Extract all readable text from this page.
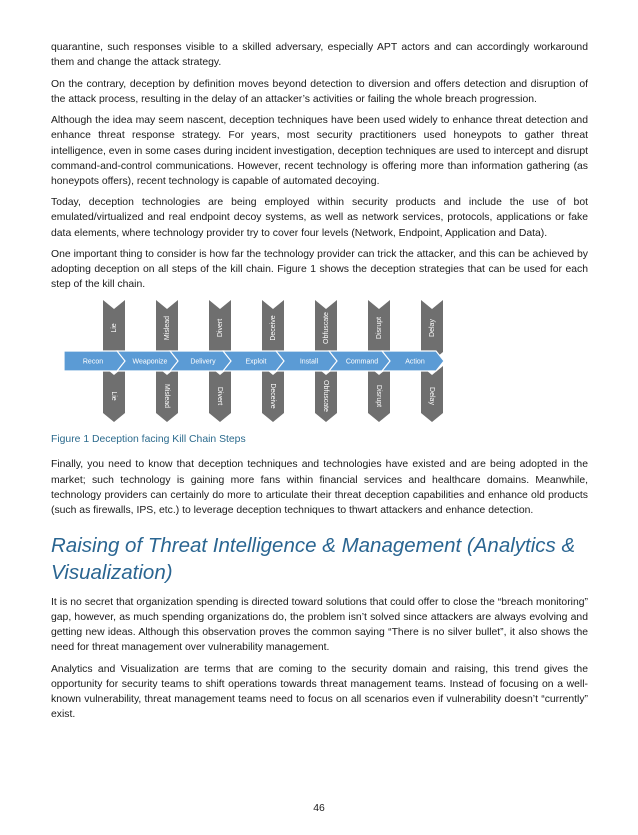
quarantine, such responses visible to a skilled adversary, especially APT actors and can accordingly workaround them and change the attack strategy.

On the contrary, deception by definition moves beyond detection to diversion and offers detection and disruption of the attack process, resulting in the delay of an attacker’s activities or failing the whole breach progression.

Although the idea may seem nascent, deception techniques have been used widely to enhance threat detection and enhance threat response strategy. For years, most security practitioners used honeypots to gather threat intelligence, even in some cases during incident investigation, deception techniques are used to intercept and disrupt command-and-control communications. However, recent technology is offering more than information gathering (as honeypots offers), recent technology is capable of automated decoying.

Today, deception technologies are being employed within security products and include the use of bot emulated/virtualized and real endpoint decoy systems, as well as network services, protocols, applications or fake data elements, where technology provider try to cover four levels (Network, Endpoint, Application and Data).

One important thing to consider is how far the technology provider can trick the attacker, and this can be achieved by adopting deception on all steps of the kill chain. Figure 1 shows the deception strategies that can be used for each step of the kill chain.

Lie	Mislead	Divert	Deceive	Obfuscate	Disrupt	Delay
Lie	Mislead	Divert	Deceive	Obfuscate	Disrupt	Delay
Recon	Weaponize	Delivery	Exploit	Install	Command	Action
Figure 1 Deception facing Kill Chain Steps

Finally, you need to know that deception techniques and technologies have existed and are being adopted in the market; such technology is gaining more fans within financial services and healthcare domains. Meanwhile, technology providers can certainly do more to articulate their threat deception capabilities and enhance old products (such as firewalls, IPS, etc.) to leverage deception techniques to thwart attackers and enhance detection.

Raising of Threat Intelligence & Management (Analytics & Visualization)

It is no secret that organization spending is directed toward solutions that could offer to close the “breach monitoring” gap, however, as much spending organizations do, the problem isn’t solved since attackers are always evolving and getting new ideas. Although this observation proves the common saying “There is no silver bullet”, it also shows the need for threat management over vulnerability management.

Analytics and Visualization are terms that are coming to the security domain and raising, this trend gives the opportunity for security teams to shift operations towards threat management teams. Instead of focusing on a well-known vulnerability, threat management teams need to focus on all scenarios even if vulnerability doesn’t “currently” exist.

46
